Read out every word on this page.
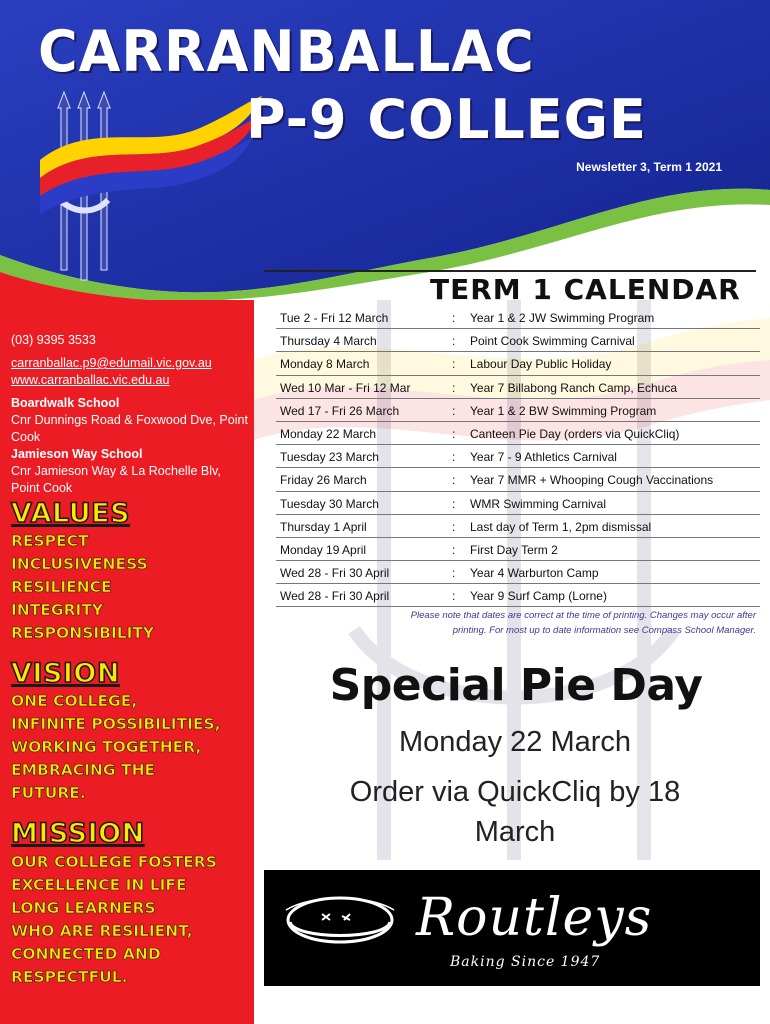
CARRANBALLAC
P-9 COLLEGE
Newsletter 3, Term 1 2021
(03) 9395 3533
carranballac.p9@edumail.vic.gov.au
www.carranballac.vic.edu.au
Boardwalk School
Cnr Dunnings Road & Foxwood Dve, Point Cook
Jamieson Way School
Cnr Jamieson Way & La Rochelle Blv, Point Cook
VALUES
RESPECT
INCLUSIVENESS
RESILIENCE
INTEGRITY
RESPONSIBILITY
VISION
ONE COLLEGE,
INFINITE POSSIBILITIES,
WORKING TOGETHER,
EMBRACING THE
FUTURE.
MISSION
OUR COLLEGE FOSTERS
EXCELLENCE IN LIFE
LONG LEARNERS
WHO ARE RESILIENT,
CONNECTED AND
RESPECTFUL.
TERM 1 CALENDAR
Tue 2 - Fri 12 March	: Year 1 & 2 JW Swimming Program
Thursday 4 March	: Point Cook Swimming Carnival
Monday 8 March	: Labour Day Public Holiday
Wed 10 Mar - Fri 12 Mar	: Year 7 Billabong Ranch Camp, Echuca
Wed 17 - Fri 26 March	: Year 1 & 2 BW Swimming Program
Monday 22 March	: Canteen Pie Day (orders via QuickCliq)
Tuesday 23 March	: Year 7 - 9 Athletics Carnival
Friday 26 March	: Year 7 MMR + Whooping Cough Vaccinations
Tuesday 30 March	: WMR Swimming Carnival
Thursday 1 April	: Last day of Term 1, 2pm dismissal
Monday 19 April	: First Day Term 2
Wed 28 - Fri 30 April	: Year 4 Warburton Camp
Wed 28 - Fri 30 April	: Year 9 Surf Camp (Lorne)
Please note that dates are correct at the time of printing. Changes may occur after
printing. For most up to date information see Compass School Manager.
Special Pie Day
Monday 22 March
Order via QuickCliq by 18
March
Routleys
Baking Since 1947
